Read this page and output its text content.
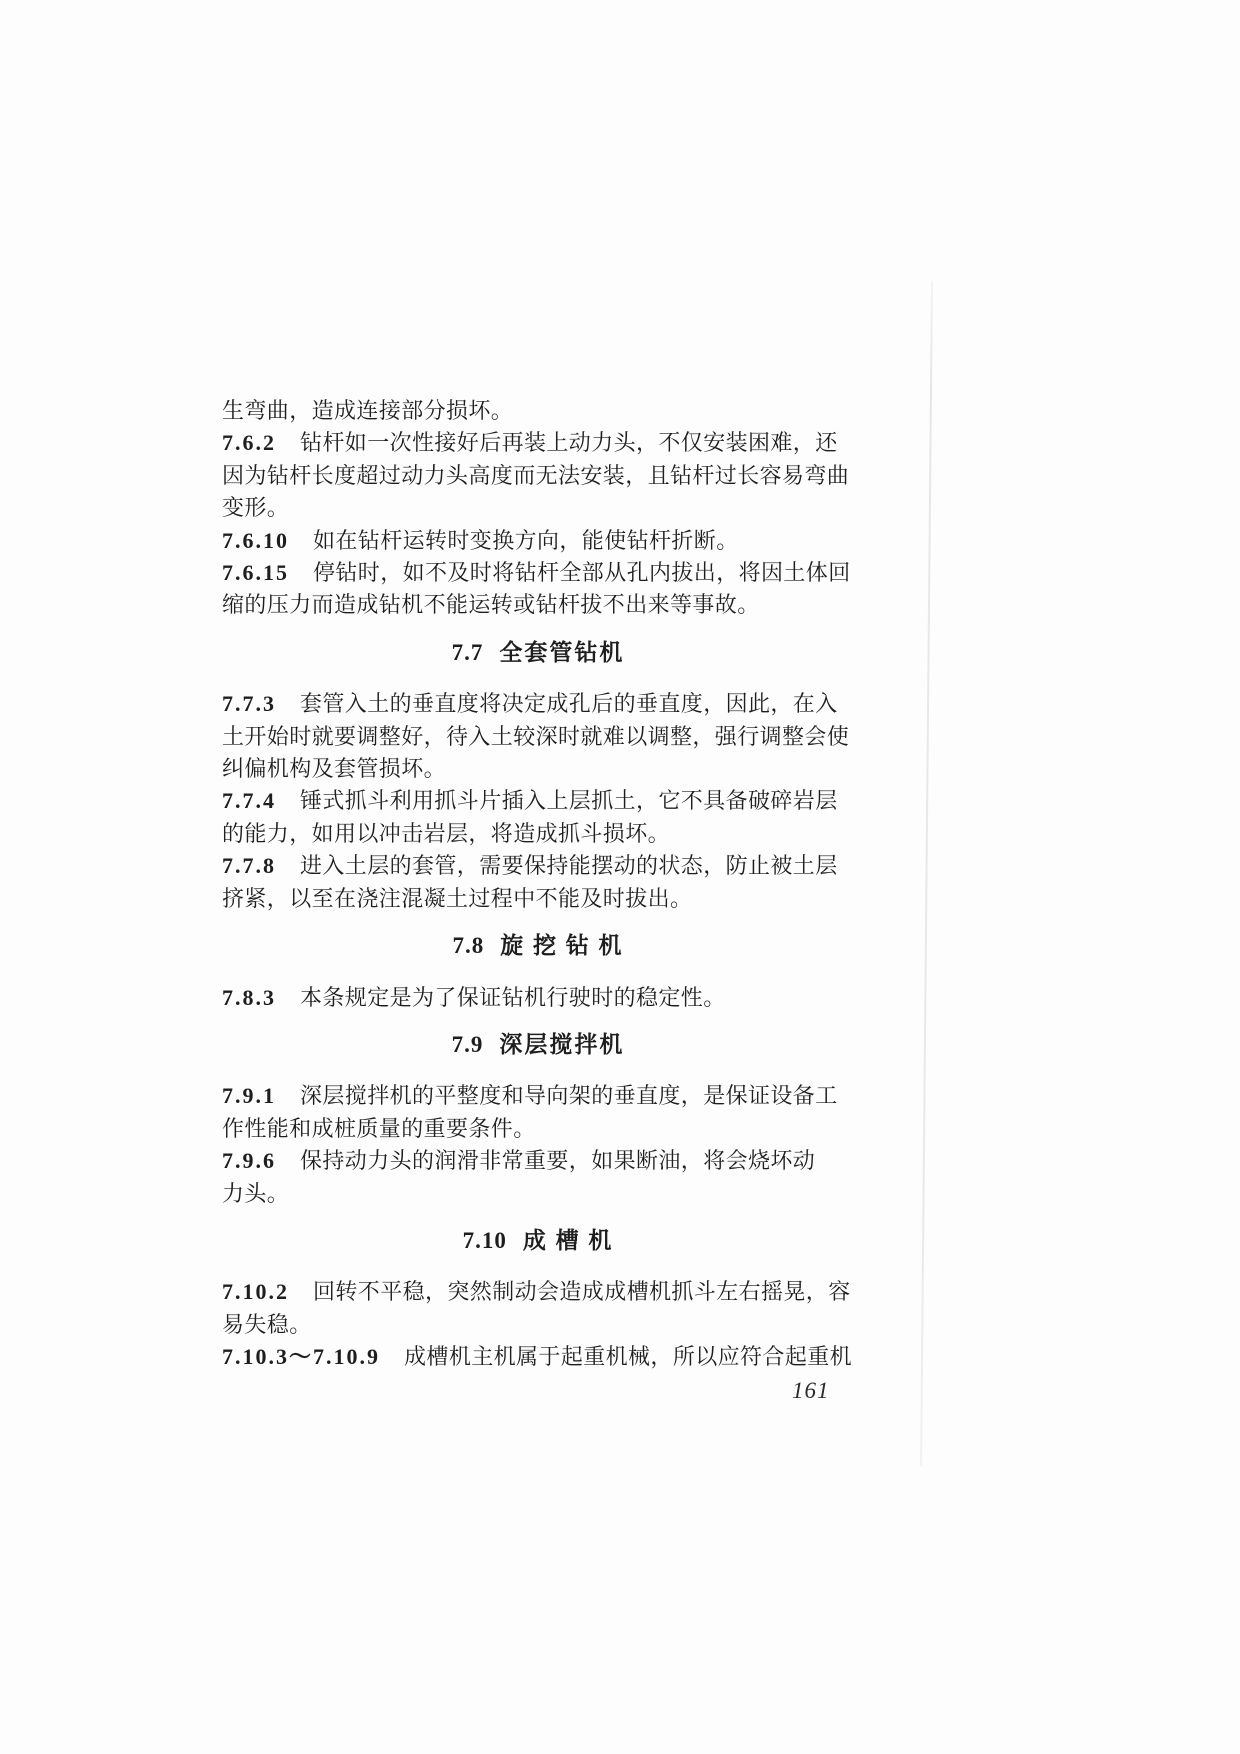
生弯曲，造成连接部分损坏。
7.6.2 钻杆如一次性接好后再装上动力头，不仅安装困难，还
因为钻杆长度超过动力头高度而无法安装，且钻杆过长容易弯曲
变形。
7.6.10 如在钻杆运转时变换方向，能使钻杆折断。
7.6.15 停钻时，如不及时将钻杆全部从孔内拔出，将因土体回
缩的压力而造成钻机不能运转或钻杆拔不出来等事故。
7.7 全套管钻机
7.7.3 套管入土的垂直度将决定成孔后的垂直度，因此，在入
土开始时就要调整好，待入土较深时就难以调整，强行调整会使
纠偏机构及套管损坏。
7.7.4 锤式抓斗利用抓斗片插入上层抓土，它不具备破碎岩层
的能力，如用以冲击岩层，将造成抓斗损坏。
7.7.8 进入土层的套管，需要保持能摆动的状态，防止被土层
挤紧，以至在浇注混凝土过程中不能及时拔出。
7.8 旋 挖 钻 机
7.8.3 本条规定是为了保证钻机行驶时的稳定性。
7.9 深层搅拌机
7.9.1 深层搅拌机的平整度和导向架的垂直度，是保证设备工
作性能和成桩质量的重要条件。
7.9.6 保持动力头的润滑非常重要，如果断油，将会烧坏动
力头。
7.10 成 槽 机
7.10.2 回转不平稳，突然制动会造成成槽机抓斗左右摇晃，容
易失稳。
7.10.3～7.10.9 成槽机主机属于起重机械，所以应符合起重机
161
